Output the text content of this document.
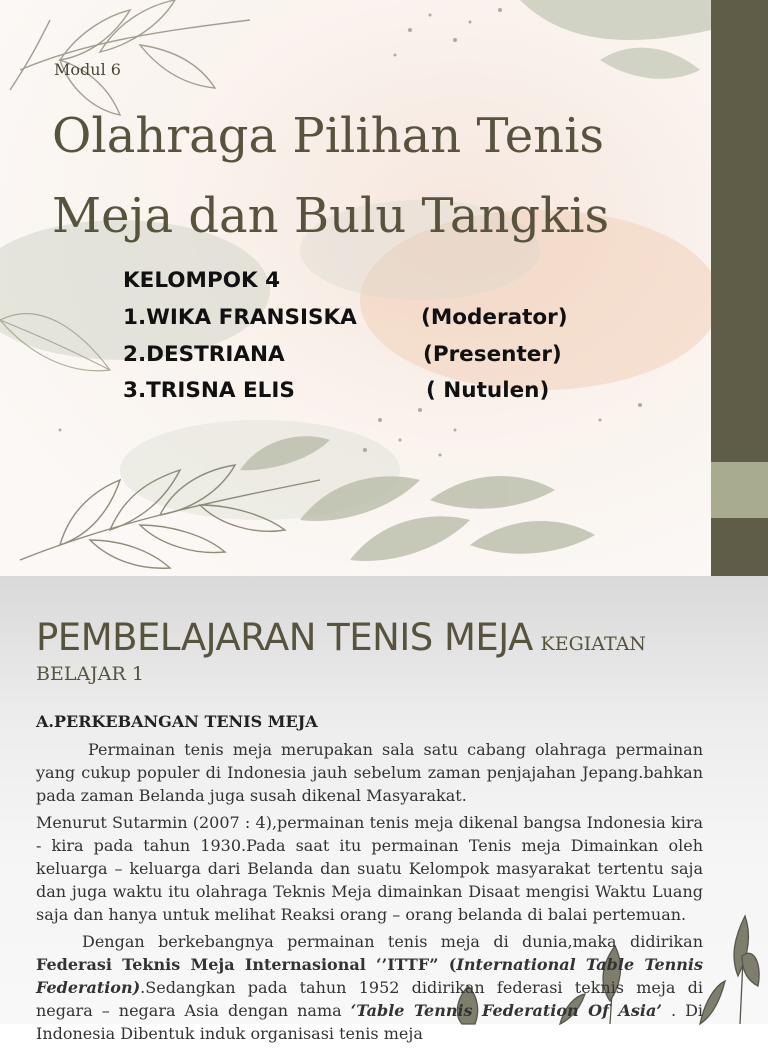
Modul 6
Olahraga Pilihan Tenis Meja dan Bulu Tangkis
KELOMPOK 4
1.WIKA FRANSISKA	(Moderator)
2.DESTRIANA	(Presenter)
3.TRISNA ELIS	( Nutulen)
PEMBELAJARAN TENIS MEJA KEGIATAN
BELAJAR 1
A.PERKEBANGAN TENIS MEJA

Permainan tenis meja merupakan sala satu cabang olahraga permainan yang cukup populer di Indonesia jauh sebelum zaman penjajahan Jepang.bahkan pada zaman Belanda juga susah dikenal Masyarakat.

Menurut Sutarmin (2007 : 4),permainan tenis meja dikenal bangsa Indonesia kira - kira pada tahun 1930.Pada saat itu permainan Tenis meja Dimainkan oleh keluarga – keluarga dari Belanda dan suatu Kelompok masyarakat tertentu saja dan juga waktu itu olahraga Teknis Meja dimainkan Disaat mengisi Waktu Luang saja dan hanya untuk melihat Reaksi orang – orang belanda di balai pertemuan.

Dengan berkebangnya permainan tenis meja di dunia,maka didirikan Federasi Teknis Meja Internasional ‘’ITTF” (International Table Tennis Federation).Sedangkan pada tahun 1952 didirikan federasi teknis meja di negara – negara Asia dengan nama ‘Table Tennis Federation Of Asia’ . Di Indonesia Dibentuk induk organisasi tenis meja
